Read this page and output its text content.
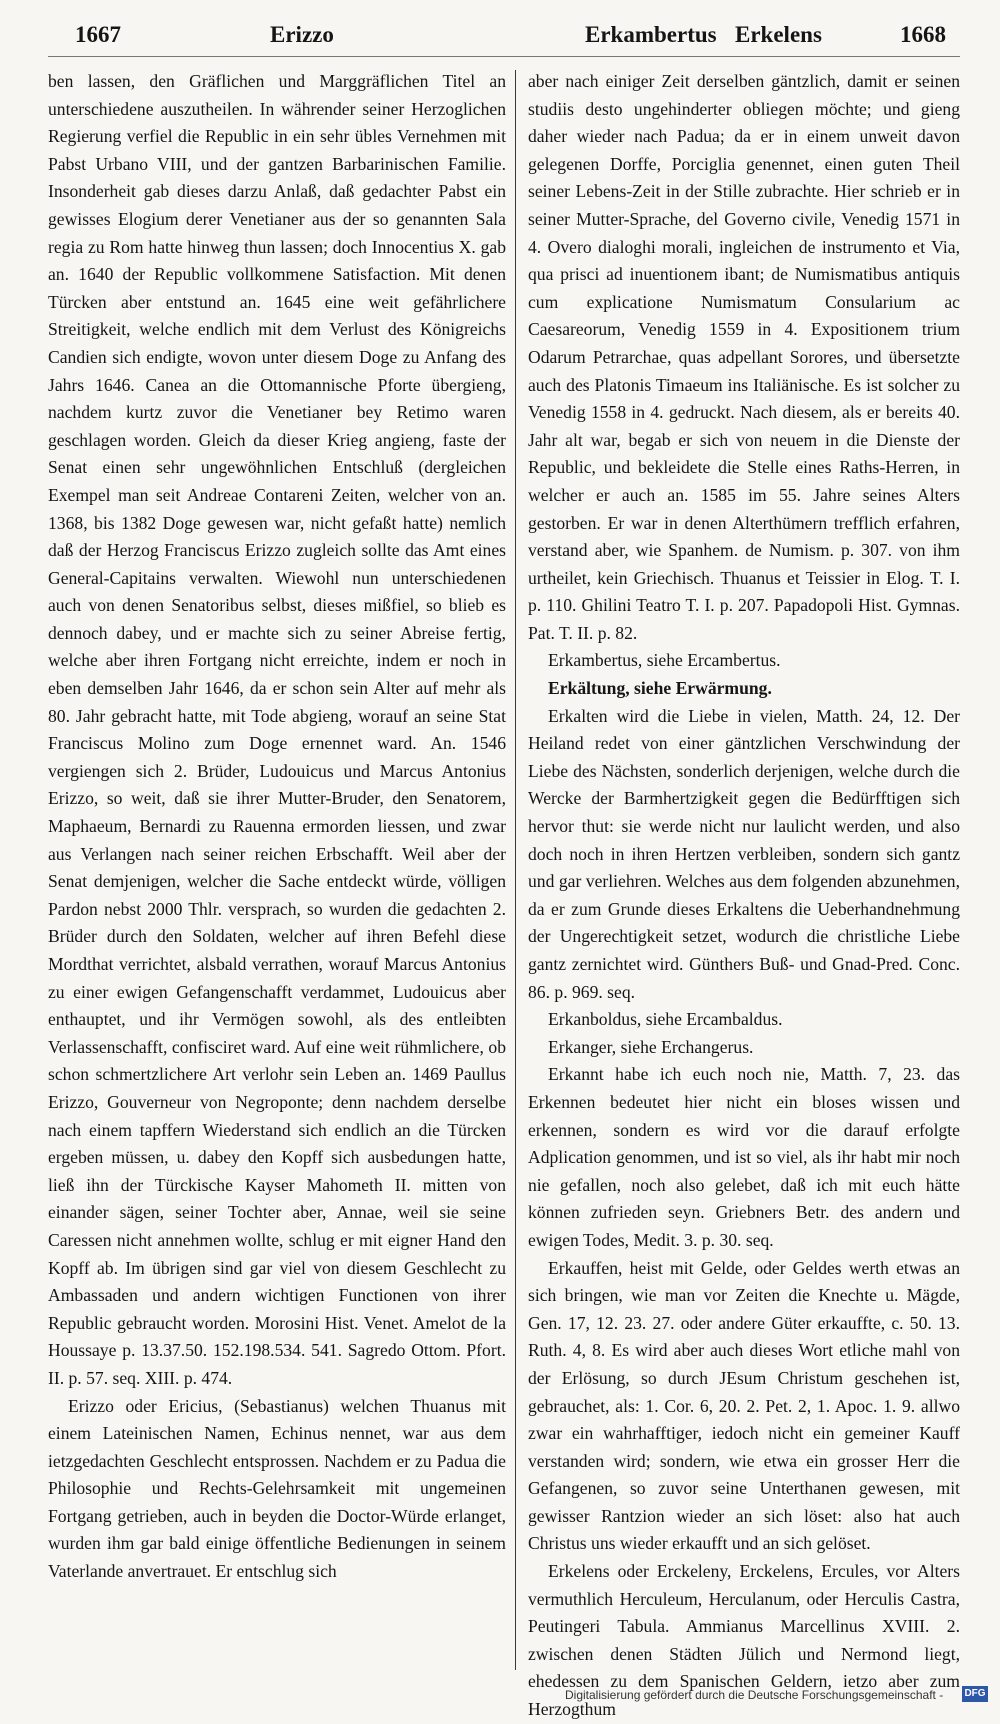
1667	Erizzo	Erkambertus Erkelens	1668

ben lassen, den Gräflichen und Marggräflichen Titel an unterschiedene auszutheilen. In währender seiner Herzoglichen Regierung verfiel die Republic in ein sehr übles Vernehmen mit Pabst Urbano VIII, und der gantzen Barbarinischen Familie. Insonderheit gab dieses darzu Anlaß, daß gedachter Pabst ein gewisses Elogium derer Venetianer aus der so genannten Sala regia zu Rom hatte hinweg thun lassen; doch Innocentius X. gab an. 1640 der Republic vollkommene Satisfaction. Mit denen Türcken aber entstund an. 1645 eine weit gefährlichere Streitigkeit, welche endlich mit dem Verlust des Königreichs Candien sich endigte, wovon unter diesem Doge zu Anfang des Jahrs 1646. Canea an die Ottomannische Pforte übergieng, nachdem kurtz zuvor die Venetianer bey Retimo waren geschlagen worden. Gleich da dieser Krieg angieng, faste der Senat einen sehr ungewöhnlichen Entschluß (dergleichen Exempel man seit Andreae Contareni Zeiten, welcher von an. 1368, bis 1382 Doge gewesen war, nicht gefaßt hatte) nemlich daß der Herzog Franciscus Erizzo zugleich sollte das Amt eines General-Capitains verwalten. Wiewohl nun unterschiedenen auch von denen Senatoribus selbst, dieses mißfiel, so blieb es dennoch dabey, und er machte sich zu seiner Abreise fertig, welche aber ihren Fortgang nicht erreichte, indem er noch in eben demselben Jahr 1646, da er schon sein Alter auf mehr als 80. Jahr gebracht hatte, mit Tode abgieng, worauf an seine Stat Franciscus Molino zum Doge ernennet ward. An. 1546 vergiengen sich 2. Brüder, Ludouicus und Marcus Antonius Erizzo, so weit, daß sie ihrer Mutter-Bruder, den Senatorem, Maphaeum, Bernardi zu Rauenna ermorden liessen, und zwar aus Verlangen nach seiner reichen Erbschafft. Weil aber der Senat demjenigen, welcher die Sache entdeckt würde, völligen Pardon nebst 2000 Thlr. versprach, so wurden die gedachten 2. Brüder durch den Soldaten, welcher auf ihren Befehl diese Mordthat verrichtet, alsbald verrathen, worauf Marcus Antonius zu einer ewigen Gefangenschafft verdammet, Ludouicus aber enthauptet, und ihr Vermögen sowohl, als des entleibten Verlassenschafft, confisciret ward. Auf eine weit rühmlichere, ob schon schmertzlichere Art verlohr sein Leben an. 1469 Paullus Erizzo, Gouverneur von Negroponte; denn nachdem derselbe nach einem tapffern Wiederstand sich endlich an die Türcken ergeben müssen, u. dabey den Kopff sich ausbedungen hatte, ließ ihn der Türckische Kayser Mahometh II. mitten von einander sägen, seiner Tochter aber, Annae, weil sie seine Caressen nicht annehmen wollte, schlug er mit eigner Hand den Kopff ab. Im übrigen sind gar viel von diesem Geschlecht zu Ambassaden und andern wichtigen Functionen von ihrer Republic gebraucht worden. Morosini Hist. Venet. Amelot de la Houssaye p. 13.37.50. 152.198.534. 541. Sagredo Ottom. Pfort. II. p. 57. seq. XIII. p. 474.

Erizzo oder Ericius, (Sebastianus) welchen Thuanus mit einem Lateinischen Namen, Echinus nennet, war aus dem ietzgedachten Geschlecht entsprossen. Nachdem er zu Padua die Philosophie und Rechts-Gelehrsamkeit mit ungemeinen Fortgang getrieben, auch in beyden die Doctor-Würde erlanget, wurden ihm gar bald einige öffentliche Bedienungen in seinem Vaterlande anvertrauet. Er entschlug sich

aber nach einiger Zeit derselben gäntzlich, damit er seinen studiis desto ungehinderter obliegen möchte; und gieng daher wieder nach Padua; da er in einem unweit davon gelegenen Dorffe, Porciglia genennet, einen guten Theil seiner Lebens-Zeit in der Stille zubrachte. Hier schrieb er in seiner Mutter-Sprache, del Governo civile, Venedig 1571 in 4. Overo dialoghi morali, ingleichen de instrumento et Via, qua prisci ad inuentionem ibant; de Numismatibus antiquis cum explicatione Numismatum Consularium ac Caesareorum, Venedig 1559 in 4. Expositionem trium Odarum Petrarchae, quas adpellant Sorores, und übersetzte auch des Platonis Timaeum ins Italiänische. Es ist solcher zu Venedig 1558 in 4. gedruckt. Nach diesem, als er bereits 40. Jahr alt war, begab er sich von neuem in die Dienste der Republic, und bekleidete die Stelle eines Raths-Herren, in welcher er auch an. 1585 im 55. Jahre seines Alters gestorben. Er war in denen Alterthümern trefflich erfahren, verstand aber, wie Spanhem. de Numism. p. 307. von ihm urtheilet, kein Griechisch. Thuanus et Teissier in Elog. T. I. p. 110. Ghilini Teatro T. I. p. 207. Papadopoli Hist. Gymnas. Pat. T. II. p. 82.

Erkambertus, siehe Ercambertus.

Erkältung, siehe Erwärmung.

Erkalten wird die Liebe in vielen, Matth. 24, 12. Der Heiland redet von einer gäntzlichen Verschwindung der Liebe des Nächsten, sonderlich derjenigen, welche durch die Wercke der Barmhertzigkeit gegen die Bedürfftigen sich hervor thut: sie werde nicht nur laulicht werden, und also doch noch in ihren Hertzen verbleiben, sondern sich gantz und gar verliehren. Welches aus dem folgenden abzunehmen, da er zum Grunde dieses Erkaltens die Ueberhandnehmung der Ungerechtigkeit setzet, wodurch die christliche Liebe gantz zernichtet wird. Günthers Buß- und Gnad-Pred. Conc. 86. p. 969. seq.

Erkanboldus, siehe Ercambaldus.

Erkanger, siehe Erchangerus.

Erkannt habe ich euch noch nie, Matth. 7, 23. das Erkennen bedeutet hier nicht ein bloses wissen und erkennen, sondern es wird vor die darauf erfolgte Adplication genommen, und ist so viel, als ihr habt mir noch nie gefallen, noch also gelebet, daß ich mit euch hätte können zufrieden seyn. Griebners Betr. des andern und ewigen Todes, Medit. 3. p. 30. seq.

Erkauffen, heist mit Gelde, oder Geldes werth etwas an sich bringen, wie man vor Zeiten die Knechte u. Mägde, Gen. 17, 12. 23. 27. oder andere Güter erkauffte, c. 50. 13. Ruth. 4, 8. Es wird aber auch dieses Wort etliche mahl von der Erlösung, so durch JEsum Christum geschehen ist, gebrauchet, als: 1. Cor. 6, 20. 2. Pet. 2, 1. Apoc. 1. 9. allwo zwar ein wahrhafftiger, iedoch nicht ein gemeiner Kauff verstanden wird; sondern, wie etwa ein grosser Herr die Gefangenen, so zuvor seine Unterthanen gewesen, mit gewisser Rantzion wieder an sich löset: also hat auch Christus uns wieder erkaufft und an sich gelöset.

Erkelens oder Erckeleny, Erckelens, Ercules, vor Alters vermuthlich Herculeum, Herculanum, oder Herculis Castra, Peutingeri Tabula. Ammianus Marcellinus XVIII. 2. zwischen denen Städten Jülich und Nermond liegt, ehedessen zu dem Spanischen Geldern, ietzo aber zum Herzogthum

Digitalisierung gefördert durch die Deutsche Forschungsgemeinschaft - DFG
